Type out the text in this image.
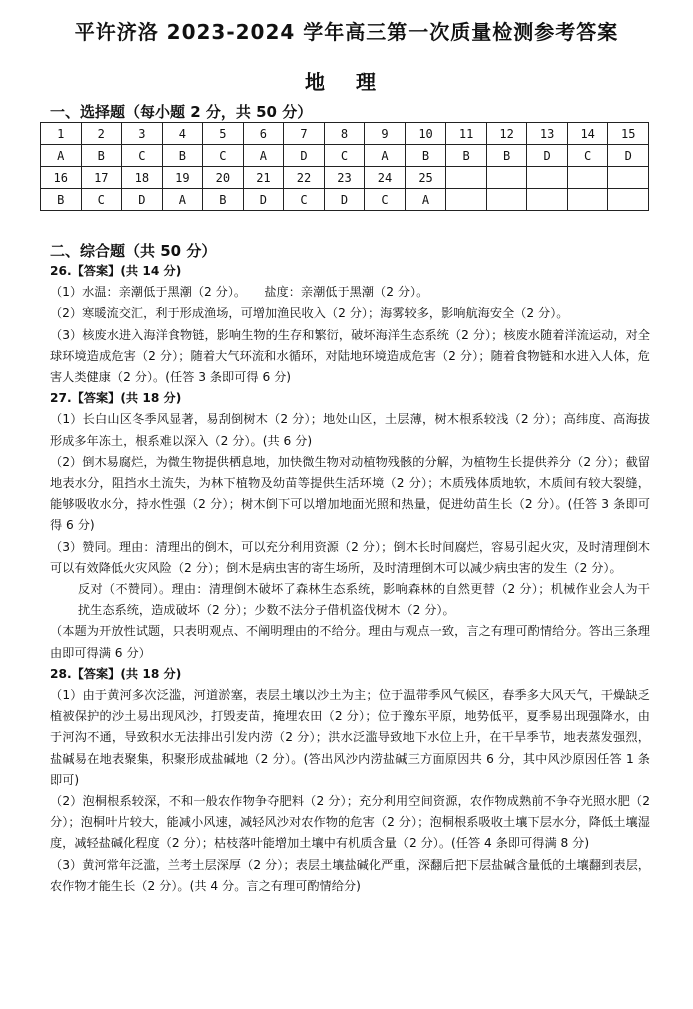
平许济洛 2023-2024 学年高三第一次质量检测参考答案
地 理
一、选择题（每小题 2 分，共 50 分）
1	2	3	4	5	6	7	8	9	10	11	12	13	14	15
A	B	C	B	C	A	D	C	A	B	B	B	D	C	D
16	17	18	19	20	21	22	23	24	25					
B	C	D	A	B	D	C	D	C	A					
二、综合题（共 50 分）

26.【答案】(共 14 分)

（1）水温：亲潮低于黑潮（2 分）。　　盐度：亲潮低于黑潮（2 分）。

（2）寒暖流交汇，利于形成渔场，可增加渔民收入（2 分）；海雾较多，影响航海安全（2 分）。

（3）核废水进入海洋食物链，影响生物的生存和繁衍，破坏海洋生态系统（2 分）；核废水随着洋流运动，对全球环境造成危害（2 分）；随着大气环流和水循环，对陆地环境造成危害（2 分）；随着食物链和水进入人体，危害人类健康（2 分）。(任答 3 条即可得 6 分)

27.【答案】(共 18 分)

（1）长白山区冬季风显著，易刮倒树木（2 分）；地处山区，土层薄，树木根系较浅（2 分）；高纬度、高海拔形成多年冻土，根系难以深入（2 分）。(共 6 分)

（2）倒木易腐烂，为微生物提供栖息地，加快微生物对动植物残骸的分解，为植物生长提供养分（2 分）；截留地表水分，阻挡水土流失，为林下植物及幼苗等提供生活环境（2 分）；木质残体质地软，木质间有较大裂缝，能够吸收水分，持水性强（2 分）；树木倒下可以增加地面光照和热量，促进幼苗生长（2 分）。(任答 3 条即可得 6 分)

（3）赞同。理由：清理出的倒木，可以充分利用资源（2 分）；倒木长时间腐烂，容易引起火灾，及时清理倒木可以有效降低火灾风险（2 分）；倒木是病虫害的寄生场所，及时清理倒木可以减少病虫害的发生（2 分）。

反对（不赞同）。理由：清理倒木破坏了森林生态系统，影响森林的自然更替（2 分）；机械作业会人为干扰生态系统，造成破坏（2 分）；少数不法分子借机盗伐树木（2 分）。

（本题为开放性试题，只表明观点、不阐明理由的不给分。理由与观点一致，言之有理可酌情给分。答出三条理由即可得满 6 分）

28.【答案】(共 18 分)

（1）由于黄河多次泛滥，河道淤塞，表层土壤以沙土为主；位于温带季风气候区，春季多大风天气，干燥缺乏植被保护的沙土易出现风沙，打毁麦苗，掩埋农田（2 分）；位于豫东平原，地势低平，夏季易出现强降水，由于河沟不通，导致积水无法排出引发内涝（2 分）；洪水泛滥导致地下水位上升，在干旱季节，地表蒸发强烈，盐碱易在地表聚集，积聚形成盐碱地（2 分）。(答出风沙内涝盐碱三方面原因共 6 分，其中风沙原因任答 1 条即可)

（2）泡桐根系较深，不和一般农作物争夺肥料（2 分）；充分利用空间资源，农作物成熟前不争夺光照水肥（2 分）；泡桐叶片较大，能减小风速，减轻风沙对农作物的危害（2 分）；泡桐根系吸收土壤下层水分，降低土壤湿度，减轻盐碱化程度（2 分）；枯枝落叶能增加土壤中有机质含量（2 分）。(任答 4 条即可得满 8 分)

（3）黄河常年泛滥，兰考土层深厚（2 分）；表层土壤盐碱化严重，深翻后把下层盐碱含量低的土壤翻到表层，农作物才能生长（2 分）。(共 4 分。言之有理可酌情给分)
